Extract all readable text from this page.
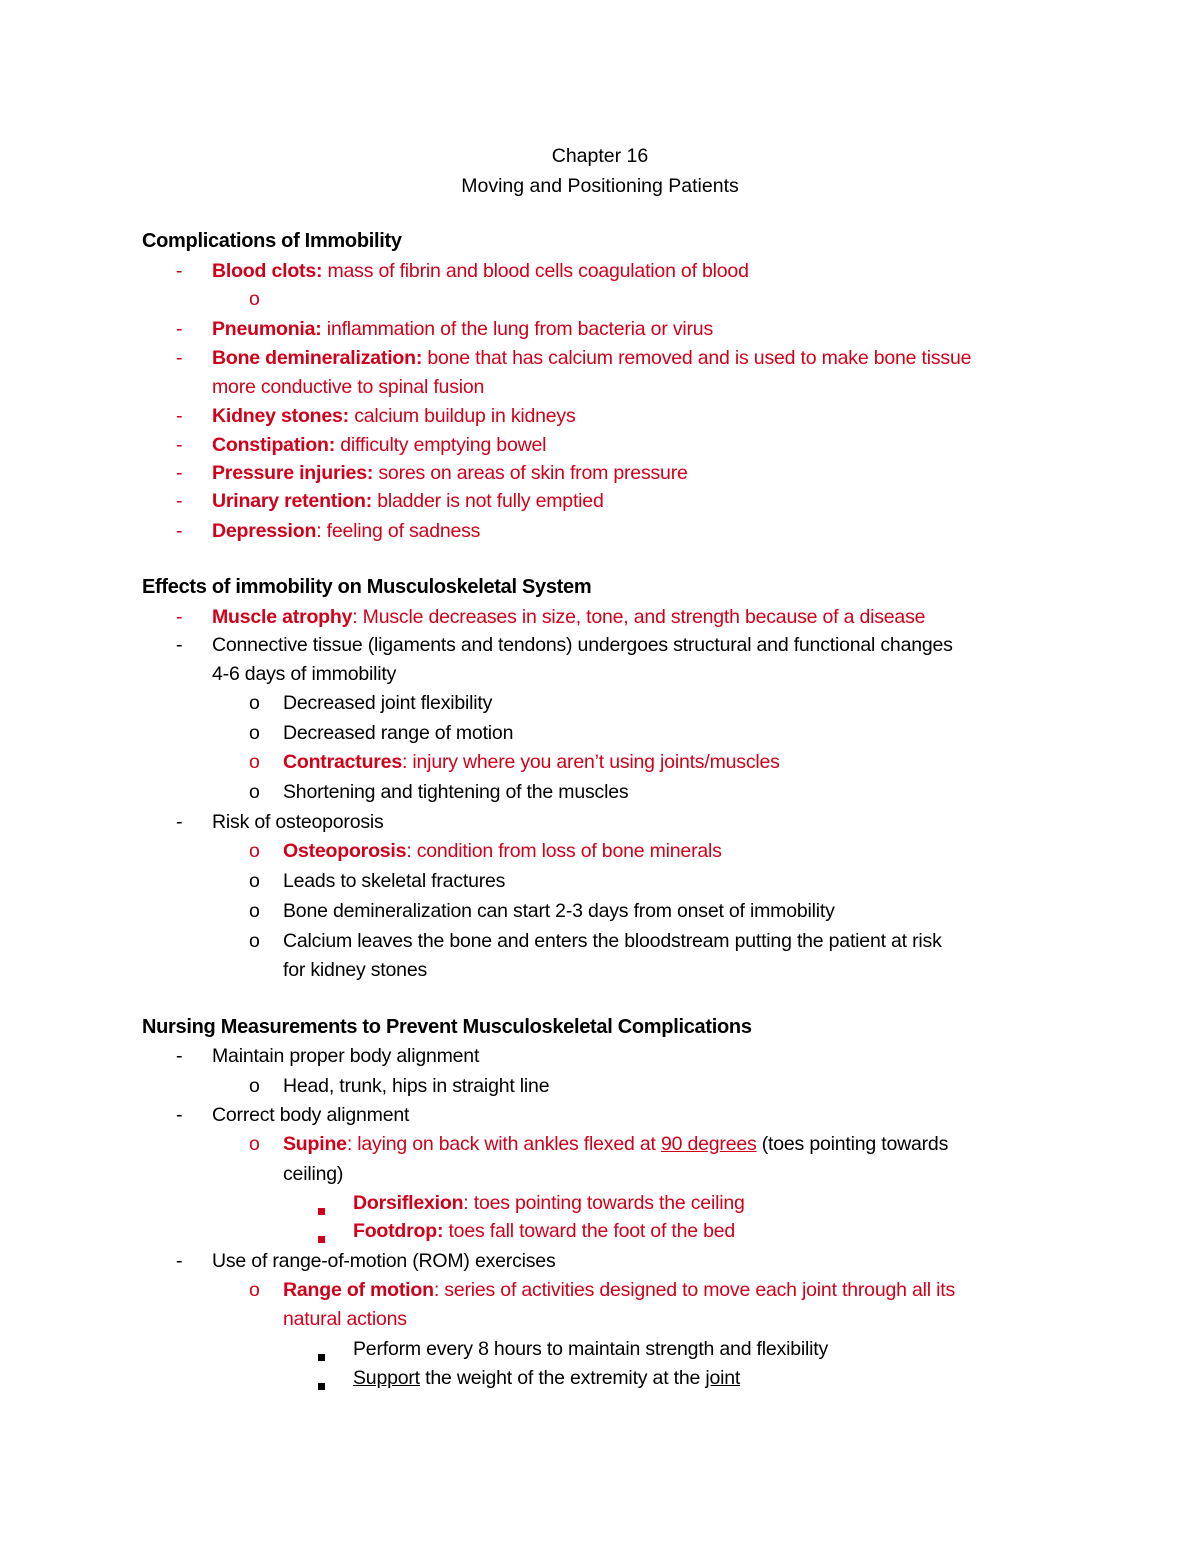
Chapter 16
Moving and Positioning Patients
Complications of Immobility
- Blood clots: mass of fibrin and blood cells coagulation of blood
o
- Pneumonia: inflammation of the lung from bacteria or virus
- Bone demineralization: bone that has calcium removed and is used to make bone tissue
more conductive to spinal fusion
- Kidney stones: calcium buildup in kidneys
- Constipation: difficulty emptying bowel
- Pressure injuries: sores on areas of skin from pressure
- Urinary retention: bladder is not fully emptied
- Depression: feeling of sadness
Effects of immobility on Musculoskeletal System
- Muscle atrophy: Muscle decreases in size, tone, and strength because of a disease
- Connective tissue (ligaments and tendons) undergoes structural and functional changes
4-6 days of immobility
o Decreased joint flexibility
o Decreased range of motion
o Contractures: injury where you aren’t using joints/muscles
o Shortening and tightening of the muscles
- Risk of osteoporosis
o Osteoporosis: condition from loss of bone minerals
o Leads to skeletal fractures
o Bone demineralization can start 2-3 days from onset of immobility
o Calcium leaves the bone and enters the bloodstream putting the patient at risk
for kidney stones
Nursing Measurements to Prevent Musculoskeletal Complications
- Maintain proper body alignment
o Head, trunk, hips in straight line
- Correct body alignment
o Supine: laying on back with ankles flexed at 90 degrees (toes pointing towards
ceiling)
Dorsiflexion: toes pointing towards the ceiling
Footdrop: toes fall toward the foot of the bed
- Use of range-of-motion (ROM) exercises
o Range of motion: series of activities designed to move each joint through all its
natural actions
Perform every 8 hours to maintain strength and flexibility
Support the weight of the extremity at the joint
